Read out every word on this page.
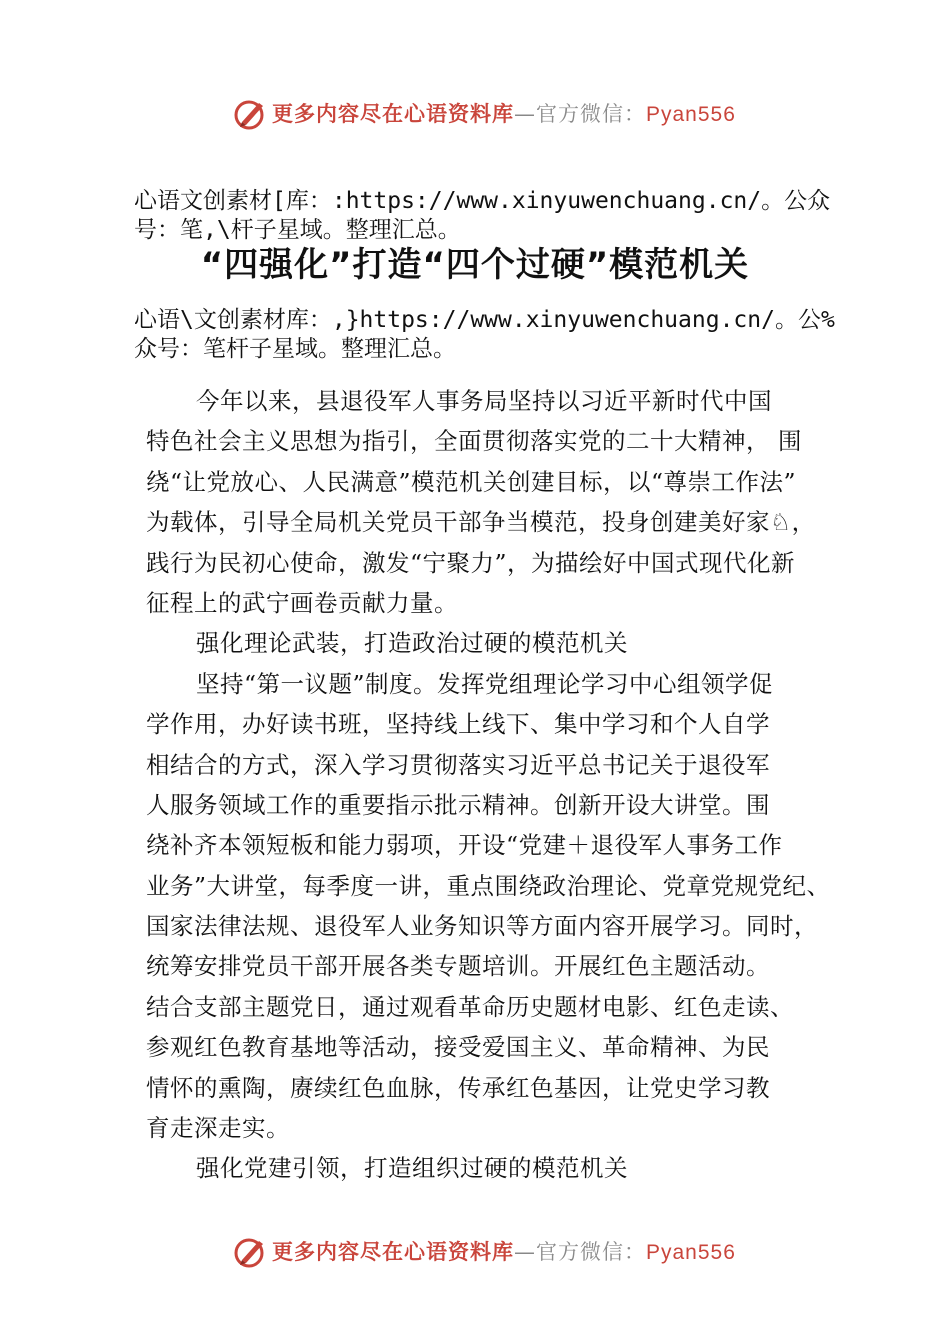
更多内容尽在心语资料库—官方微信：Pyan556
心语文创素材[库：:https://www.xinyuwenchuang.cn/。公众
号：笔,\杆子星域。整理汇总。
“四强化”打造“四个过硬”模范机关
心语\文创素材库：,}https://www.xinyuwenchuang.cn/。公%
众号：笔杆子星域。整理汇总。
今年以来，县退役军人事务局坚持以习近平新时代中国
特色社会主义思想为指引，全面贯彻落实党的二十大精神， 围
绕“让党放心、人民满意”模范机关创建目标，以“尊崇工作法”
为载体，引导全局机关党员干部争当模范，投身创建美好家♘，
践行为民初心使命，激发“宁聚力”，为描绘好中国式现代化新
征程上的武宁画卷贡献力量。
强化理论武装，打造政治过硬的模范机关
坚持“第一议题”制度。发挥党组理论学习中心组领学促
学作用，办好读书班，坚持线上线下、集中学习和个人自学
相结合的方式，深入学习贯彻落实习近平总书记关于退役军
人服务领域工作的重要指示批示精神。创新开设大讲堂。围
绕补齐本领短板和能力弱项，开设“党建＋退役军人事务工作
业务”大讲堂，每季度一讲，重点围绕政治理论、党章党规党纪、
国家法律法规、退役军人业务知识等方面内容开展学习。同时，
统筹安排党员干部开展各类专题培训。开展红色主题活动。
结合支部主题党日，通过观看革命历史题材电影、红色走读、
参观红色教育基地等活动，接受爱国主义、革命精神、为民
情怀的熏陶，赓续红色血脉，传承红色基因，让党史学习教
育走深走实。
强化党建引领，打造组织过硬的模范机关
更多内容尽在心语资料库—官方微信：Pyan556
